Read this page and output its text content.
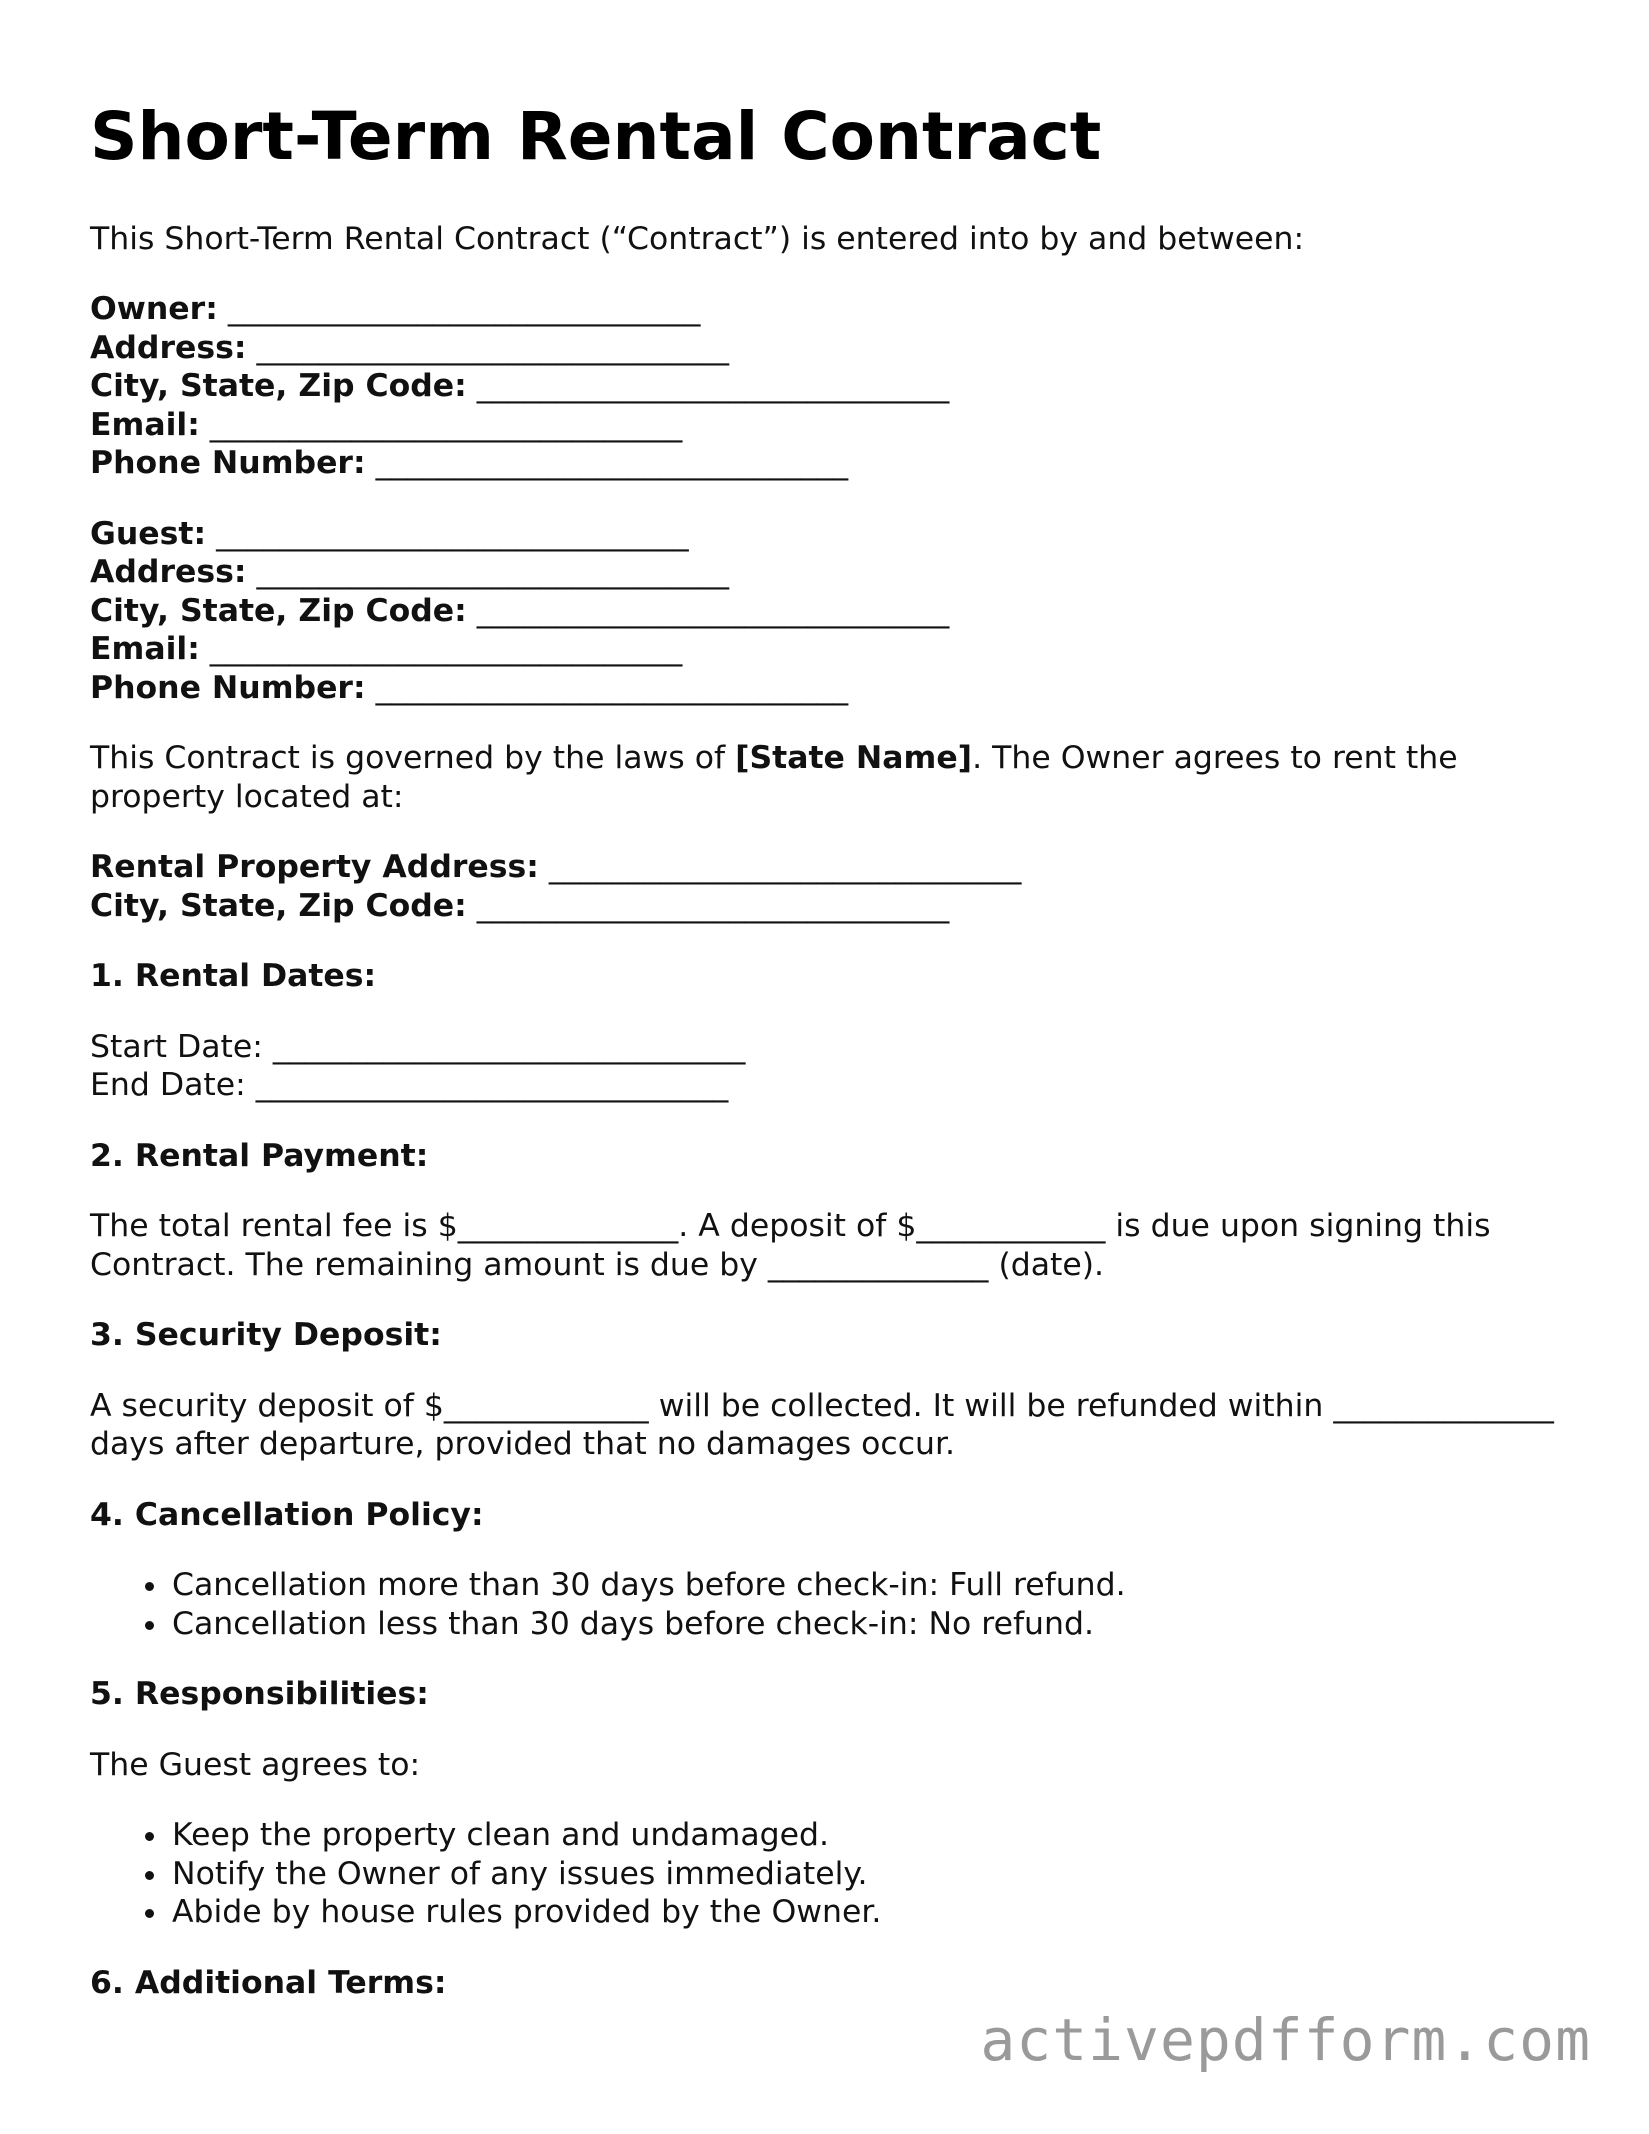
Short-Term Rental Contract

This Short-Term Rental Contract (“Contract”) is entered into by and between:

Owner: ______________________________
Address: ______________________________
City, State, Zip Code: ______________________________
Email: ______________________________
Phone Number: ______________________________
Guest: ______________________________
Address: ______________________________
City, State, Zip Code: ______________________________
Email: ______________________________
Phone Number: ______________________________

This Contract is governed by the laws of [State Name]. The Owner agrees to rent the property located at:

Rental Property Address: ______________________________
City, State, Zip Code: ______________________________
1. Rental Dates:
Start Date: ______________________________
End Date: ______________________________
2. Rental Payment:

The total rental fee is $______________. A deposit of $____________ is due upon signing this Contract. The remaining amount is due by ______________ (date).

3. Security Deposit:

A security deposit of $_____________ will be collected. It will be refunded within ______________ days after departure, provided that no damages occur.

4. Cancellation Policy:
• Cancellation more than 30 days before check-in: Full refund.
• Cancellation less than 30 days before check-in: No refund.
5. Responsibilities:

The Guest agrees to:

• Keep the property clean and undamaged.
• Notify the Owner of any issues immediately.
• Abide by house rules provided by the Owner.
6. Additional Terms:
activepdfform.com
